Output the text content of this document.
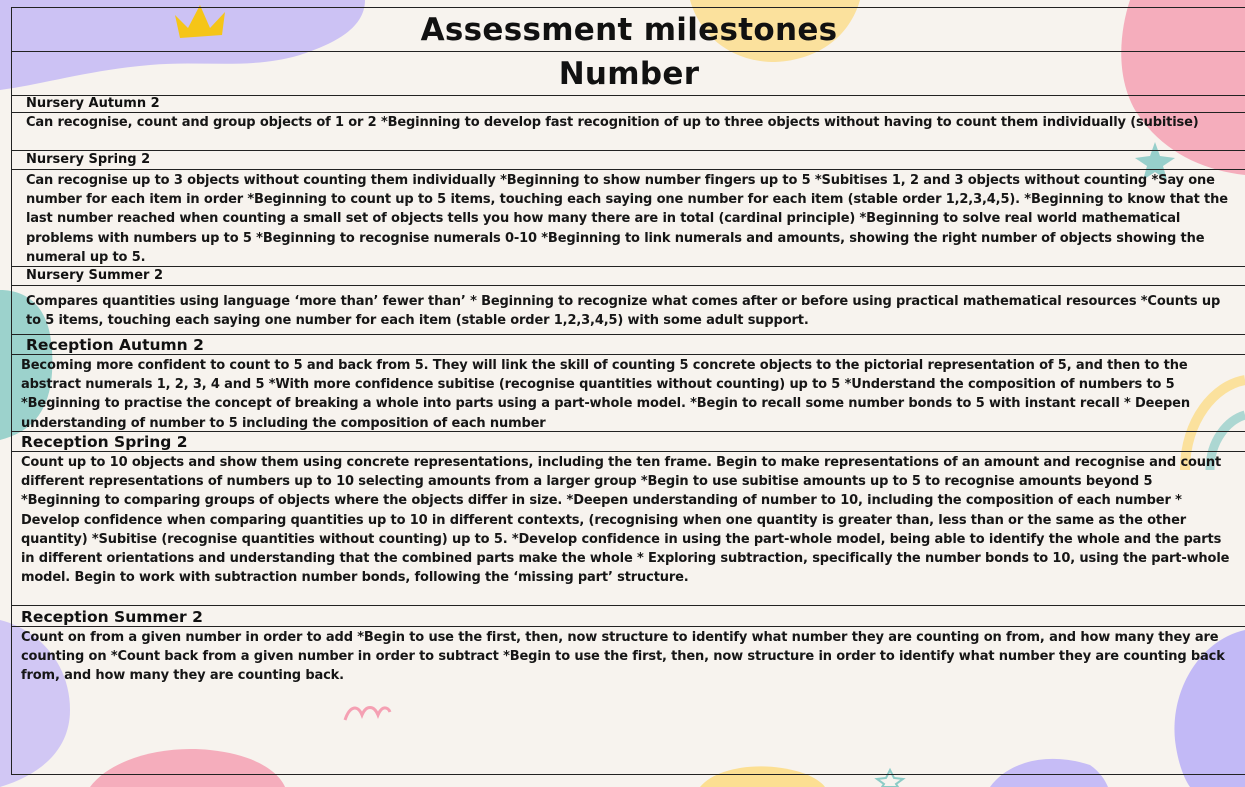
Assessment milestones
Number
Nursery Autumn 2
Can recognise, count and group objects of 1 or 2 *Beginning to develop fast recognition of up to three objects without having to count them individually (subitise)
Nursery Spring 2
Can recognise up to 3 objects without counting them individually *Beginning to show number fingers up to 5 *Subitises 1, 2 and 3 objects without counting *Say one number for each item in order *Beginning to count up to 5 items, touching each saying one number for each item (stable order 1,2,3,4,5). *Beginning to know that the last number reached when counting a small set of objects tells you how many there are in total (cardinal principle) *Beginning to solve real world mathematical problems with numbers up to 5 *Beginning to recognise numerals 0-10 *Beginning to link numerals and amounts, showing the right number of objects showing the numeral up to 5.
Nursery Summer 2
Compares quantities using language ‘more than’ fewer than’ * Beginning to recognize what comes after or before using practical mathematical resources *Counts up to 5 items, touching each saying one number for each item (stable order 1,2,3,4,5) with some adult support.
Reception Autumn 2
Becoming more confident to count to 5 and back from 5. They will link the skill of counting 5 concrete objects to the pictorial representation of 5, and then to the abstract numerals 1, 2, 3, 4 and 5 *With more confidence subitise (recognise quantities without counting) up to 5 *Understand the composition of numbers to 5 *Beginning to practise the concept of breaking a whole into parts using a part-whole model. *Begin to recall some number bonds to 5 with instant recall * Deepen understanding of number to 5 including the composition of each number
Reception Spring 2
Count up to 10 objects and show them using concrete representations, including the ten frame. Begin to make representations of an amount and recognise and count different representations of numbers up to 10 selecting amounts from a larger group *Begin to use subitise amounts up to 5 to recognise amounts beyond 5 *Beginning to comparing groups of objects where the objects differ in size. *Deepen understanding of number to 10, including the composition of each number * Develop confidence when comparing quantities up to 10 in different contexts, (recognising when one quantity is greater than, less than or the same as the other quantity) *Subitise (recognise quantities without counting) up to 5. *Develop confidence in using the part-whole model, being able to identify the whole and the parts in different orientations and understanding that the combined parts make the whole * Exploring subtraction, specifically the number bonds to 10, using the part-whole model. Begin to work with subtraction number bonds, following the ‘missing part’ structure.
Reception Summer 2
Count on from a given number in order to add *Begin to use the first, then, now structure to identify what number they are counting on from, and how many they are counting on *Count back from a given number in order to subtract *Begin to use the first, then, now structure in order to identify what number they are counting back from, and how many they are counting back.
